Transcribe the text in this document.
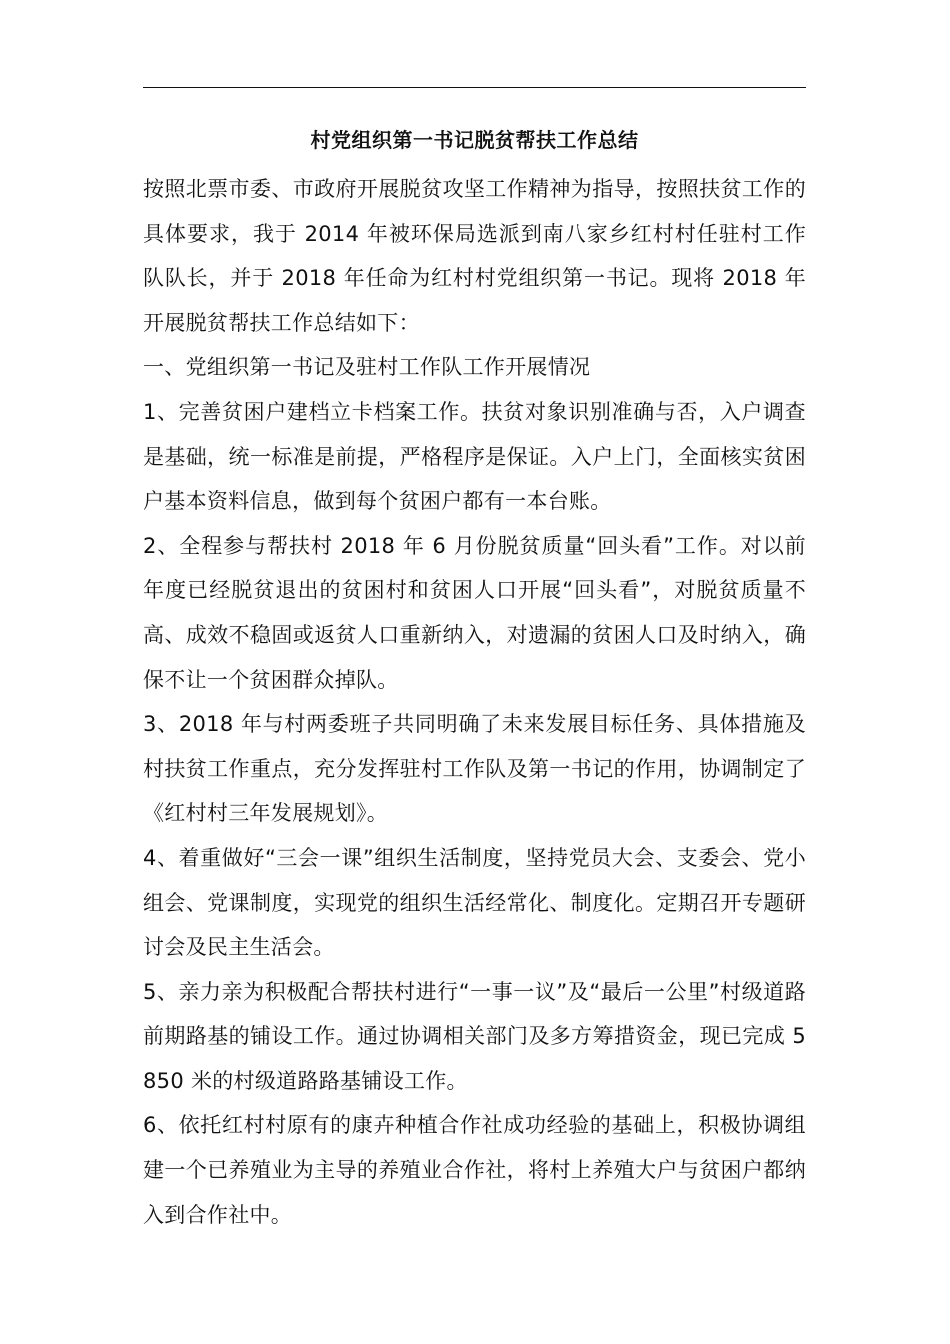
村党组织第一书记脱贫帮扶工作总结

按照北票市委、市政府开展脱贫攻坚工作精神为指导，按照扶贫工作的具体要求，我于 2014 年被环保局选派到南八家乡红村村任驻村工作队队长，并于 2018 年任命为红村村党组织第一书记。现将 2018 年开展脱贫帮扶工作总结如下：

一、党组织第一书记及驻村工作队工作开展情况

1、完善贫困户建档立卡档案工作。扶贫对象识别准确与否，入户调查是基础，统一标准是前提，严格程序是保证。入户上门，全面核实贫困户基本资料信息，做到每个贫困户都有一本台账。

2、全程参与帮扶村 2018 年 6 月份脱贫质量“回头看”工作。对以前年度已经脱贫退出的贫困村和贫困人口开展“回头看”，对脱贫质量不高、成效不稳固或返贫人口重新纳入，对遗漏的贫困人口及时纳入，确保不让一个贫困群众掉队。

3、2018 年与村两委班子共同明确了未来发展目标任务、具体措施及村扶贫工作重点，充分发挥驻村工作队及第一书记的作用，协调制定了《红村村三年发展规划》。

4、着重做好“三会一课”组织生活制度，坚持党员大会、支委会、党小组会、党课制度，实现党的组织生活经常化、制度化。定期召开专题研讨会及民主生活会。

5、亲力亲为积极配合帮扶村进行“一事一议”及“最后一公里”村级道路前期路基的铺设工作。通过协调相关部门及多方筹措资金，现已完成 5850 米的村级道路路基铺设工作。

6、依托红村村原有的康卉种植合作社成功经验的基础上，积极协调组建一个已养殖业为主导的养殖业合作社，将村上养殖大户与贫困户都纳入到合作社中。
